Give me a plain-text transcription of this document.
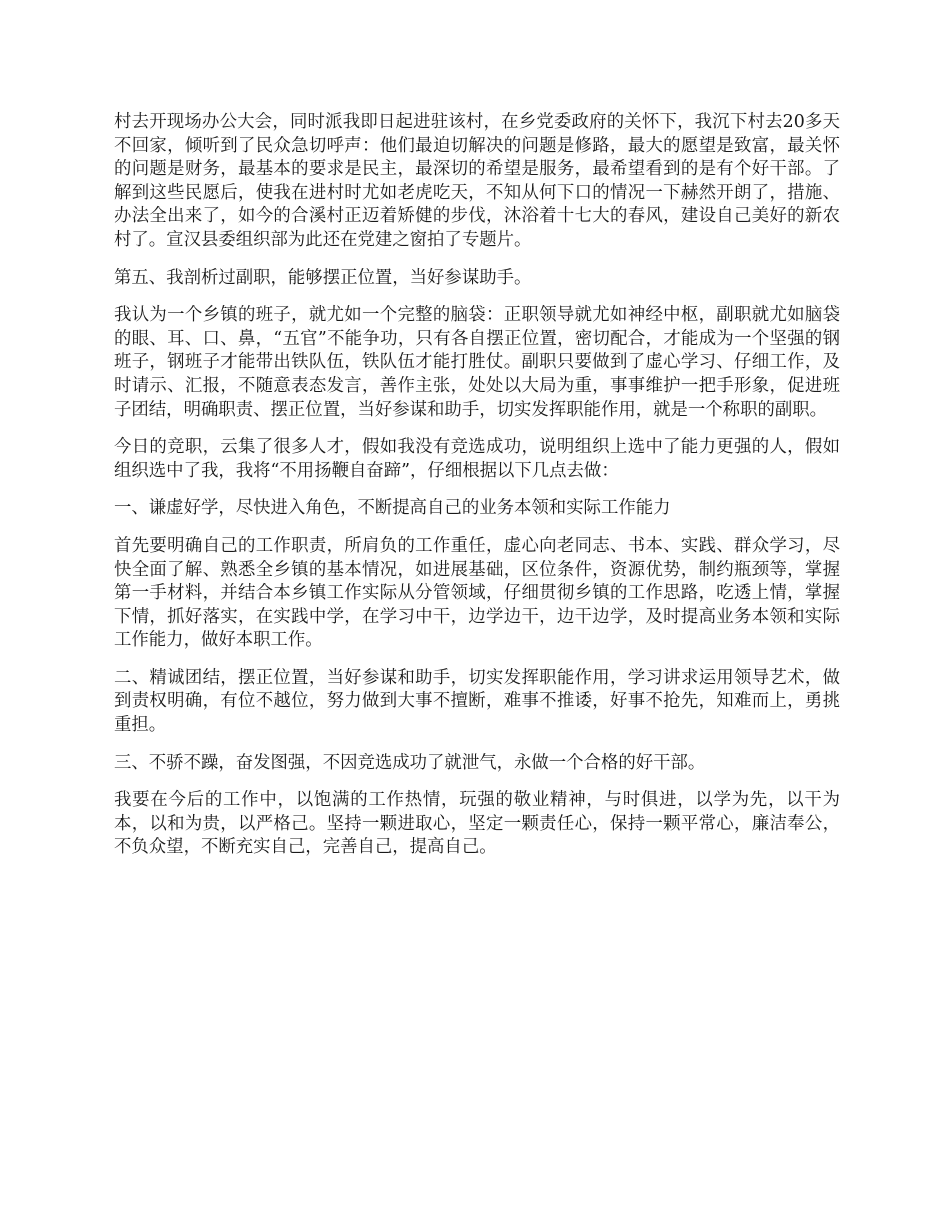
村去开现场办公大会，同时派我即日起进驻该村，在乡党委政府的关怀下，我沉下村去20多天不回家，倾听到了民众急切呼声：他们最迫切解决的问题是修路，最大的愿望是致富，最关怀的问题是财务，最基本的要求是民主，最深切的希望是服务，最希望看到的是有个好干部。了解到这些民愿后，使我在进村时尤如老虎吃天，不知从何下口的情况一下赫然开朗了，措施、办法全出来了，如今的合溪村正迈着矫健的步伐，沐浴着十七大的春风，建设自己美好的新农村了。宣汉县委组织部为此还在党建之窗拍了专题片。

第五、我剖析过副职，能够摆正位置，当好参谋助手。

我认为一个乡镇的班子，就尤如一个完整的脑袋：正职领导就尤如神经中枢，副职就尤如脑袋的眼、耳、口、鼻，“五官”不能争功，只有各自摆正位置，密切配合，才能成为一个坚强的钢班子，钢班子才能带出铁队伍，铁队伍才能打胜仗。副职只要做到了虚心学习、仔细工作，及时请示、汇报，不随意表态发言，善作主张，处处以大局为重，事事维护一把手形象，促进班子团结，明确职责、摆正位置，当好参谋和助手，切实发挥职能作用，就是一个称职的副职。

今日的竞职，云集了很多人才，假如我没有竞选成功，说明组织上选中了能力更强的人，假如组织选中了我，我将“不用扬鞭自奋蹄”，仔细根据以下几点去做：

一、谦虚好学，尽快进入角色，不断提高自己的业务本领和实际工作能力

首先要明确自己的工作职责，所肩负的工作重任，虚心向老同志、书本、实践、群众学习，尽快全面了解、熟悉全乡镇的基本情况，如进展基础，区位条件，资源优势，制约瓶颈等，掌握第一手材料，并结合本乡镇工作实际从分管领域，仔细贯彻乡镇的工作思路，吃透上情，掌握下情，抓好落实，在实践中学，在学习中干，边学边干，边干边学，及时提高业务本领和实际工作能力，做好本职工作。

二、精诚团结，摆正位置，当好参谋和助手，切实发挥职能作用，学习讲求运用领导艺术，做到责权明确，有位不越位，努力做到大事不擅断，难事不推诿，好事不抢先，知难而上，勇挑重担。

三、不骄不躁，奋发图强，不因竞选成功了就泄气，永做一个合格的好干部。

我要在今后的工作中，以饱满的工作热情，玩强的敬业精神，与时俱进，以学为先，以干为本，以和为贵，以严格己。坚持一颗进取心，坚定一颗责任心，保持一颗平常心，廉洁奉公，不负众望，不断充实自己，完善自己，提高自己。
